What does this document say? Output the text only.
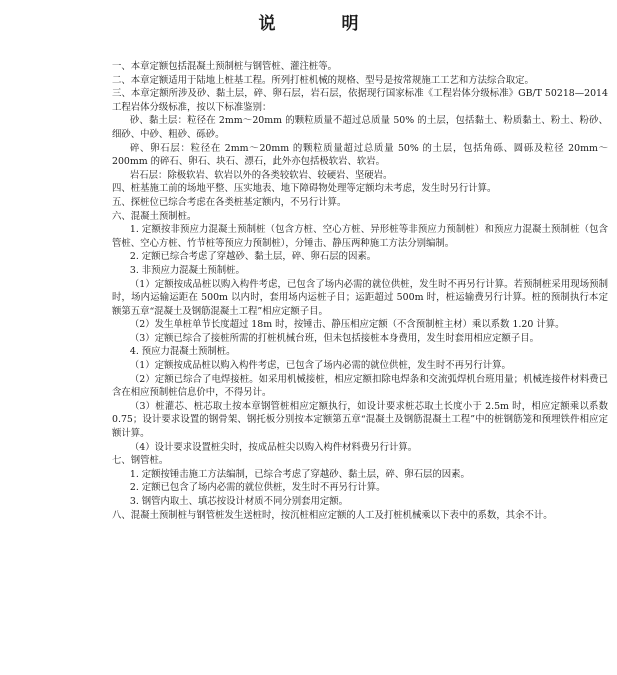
说 明

一、本章定额包括混凝土预制桩与钢管桩、灌注桩等。

二、本章定额适用于陆地上桩基工程。所列打桩机械的规格、型号是按常规施工工艺和方法综合取定。

三、本章定额所涉及砂、黏土层，碎、卵石层，岩石层，依据现行国家标准《工程岩体分级标准》GB/T 50218—2014 工程岩体分级标准，按以下标准鉴别：

砂、黏土层：粒径在 2mm～20mm 的颗粒质量不超过总质量 50% 的土层，包括黏土、粉质黏土、粉土、粉砂、细砂、中砂、粗砂、砾砂。

碎、卵石层：粒径在 2mm～20mm 的颗粒质量超过总质量 50% 的土层，包括角砾、圆砾及粒径 20mm～200mm 的碎石、卵石、块石、漂石，此外亦包括极软岩、软岩。

岩石层：除极软岩、软岩以外的各类较软岩、较硬岩、坚硬岩。

四、桩基施工前的场地平整、压实地表、地下障碍物处理等定额均未考虑，发生时另行计算。

五、探桩位已综合考虑在各类桩基定额内，不另行计算。

六、混凝土预制桩。

1. 定额按非预应力混凝土预制桩（包含方桩、空心方桩、异形桩等非预应力预制桩）和预应力混凝土预制桩（包含管桩、空心方桩、竹节桩等预应力预制桩），分锤击、静压两种施工方法分别编制。

2. 定额已综合考虑了穿越砂、黏土层，碎、卵石层的因素。

3. 非预应力混凝土预制桩。

（1）定额按成品桩以购入构件考虑，已包含了场内必需的就位供桩，发生时不再另行计算。若预制桩采用现场预制时，场内运输运距在 500m 以内时，套用场内运桩子目；运距超过 500m 时，桩运输费另行计算。桩的预制执行本定额第五章“混凝土及钢筋混凝土工程”相应定额子目。

（2）发生单桩单节长度超过 18m 时，按锤击、静压相应定额（不含预制桩主材）乘以系数 1.20 计算。

（3）定额已综合了接桩所需的打桩机械台班，但未包括接桩本身费用，发生时套用相应定额子目。

4. 预应力混凝土预制桩。

（1）定额按成品桩以购入构件考虑，已包含了场内必需的就位供桩，发生时不再另行计算。

（2）定额已综合了电焊接桩。如采用机械接桩，相应定额扣除电焊条和交流弧焊机台班用量；机械连接件材料费已含在相应预制桩信息价中，不得另计。

（3）桩灌芯、桩芯取土按本章钢管桩相应定额执行，如设计要求桩芯取土长度小于 2.5m 时，相应定额乘以系数 0.75；设计要求设置的钢骨架、钢托板分别按本定额第五章“混凝土及钢筋混凝土工程”中的桩钢筋笼和预埋铁件相应定额计算。

（4）设计要求设置桩尖时，按成品桩尖以购入构件材料费另行计算。

七、钢管桩。

1. 定额按锤击施工方法编制，已综合考虑了穿越砂、黏土层，碎、卵石层的因素。

2. 定额已包含了场内必需的就位供桩，发生时不再另行计算。

3. 钢管内取土、填芯按设计材质不同分别套用定额。

八、混凝土预制桩与钢管桩发生送桩时，按沉桩相应定额的人工及打桩机械乘以下表中的系数，其余不计。
